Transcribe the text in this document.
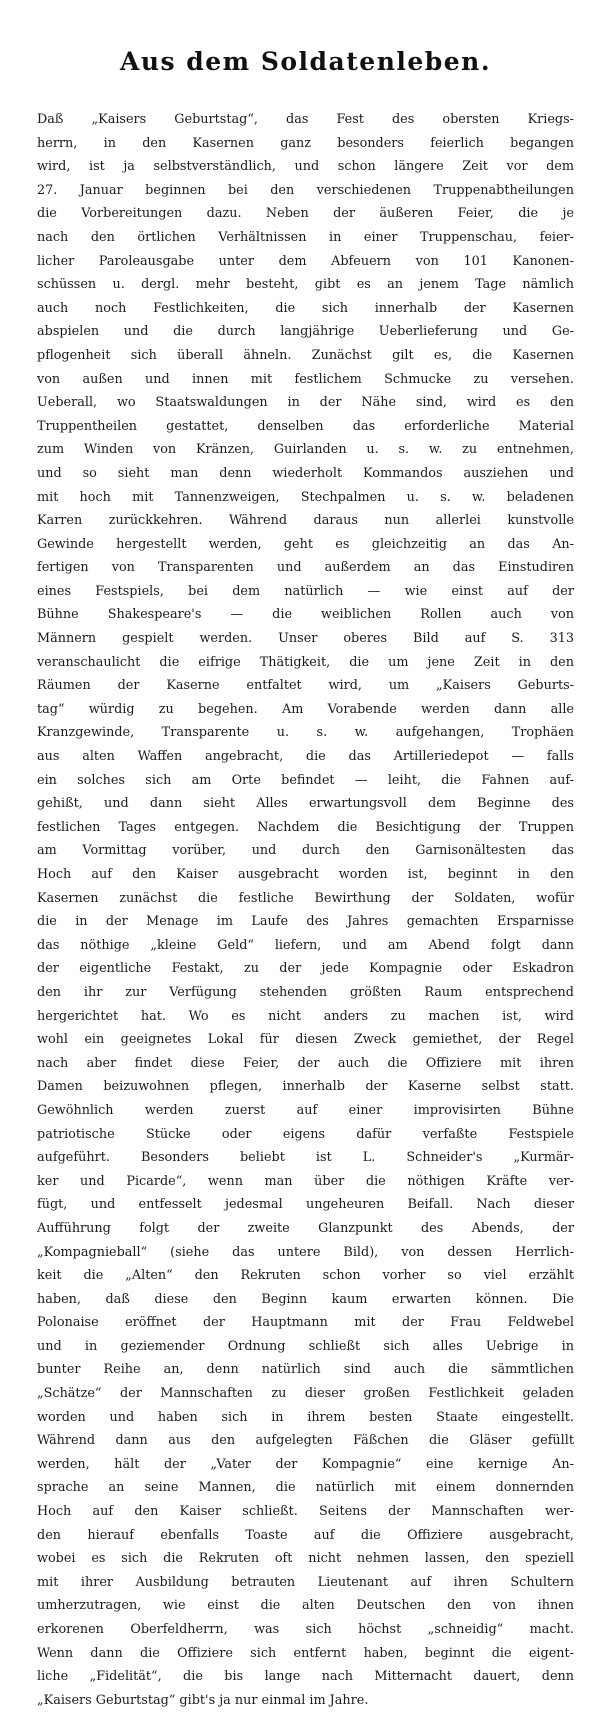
Aus dem Soldatenleben.
Daß „Kaisers Geburtstag“, das Fest des obersten Kriegs-
herrn, in den Kasernen ganz besonders feierlich begangen
wird, ist ja selbstverständlich, und schon längere Zeit vor dem
27. Januar beginnen bei den verschiedenen Truppenabtheilungen
die Vorbereitungen dazu. Neben der äußeren Feier, die je
nach den örtlichen Verhältnissen in einer Truppenschau, feier-
licher Paroleausgabe unter dem Abfeuern von 101 Kanonen-
schüssen u. dergl. mehr besteht, gibt es an jenem Tage nämlich
auch noch Festlichkeiten, die sich innerhalb der Kasernen
abspielen und die durch langjährige Ueberlieferung und Ge-
pflogenheit sich überall ähneln. Zunächst gilt es, die Kasernen
von außen und innen mit festlichem Schmucke zu versehen.
Ueberall, wo Staatswaldungen in der Nähe sind, wird es den
Truppentheilen gestattet, denselben das erforderliche Material
zum Winden von Kränzen, Guirlanden u. s. w. zu entnehmen,
und so sieht man denn wiederholt Kommandos ausziehen und
mit hoch mit Tannenzweigen, Stechpalmen u. s. w. beladenen
Karren zurückkehren. Während daraus nun allerlei kunstvolle
Gewinde hergestellt werden, geht es gleichzeitig an das An-
fertigen von Transparenten und außerdem an das Einstudiren
eines Festspiels, bei dem natürlich — wie einst auf der
Bühne Shakespeare's — die weiblichen Rollen auch von
Männern gespielt werden. Unser oberes Bild auf S. 313
veranschaulicht die eifrige Thätigkeit, die um jene Zeit in den
Räumen der Kaserne entfaltet wird, um „Kaisers Geburts-
tag“ würdig zu begehen. Am Vorabende werden dann alle
Kranzgewinde, Transparente u. s. w. aufgehangen, Trophäen
aus alten Waffen angebracht, die das Artilleriedepot — falls
ein solches sich am Orte befindet — leiht, die Fahnen auf-
gehißt, und dann sieht Alles erwartungsvoll dem Beginne des
festlichen Tages entgegen. Nachdem die Besichtigung der Truppen
am Vormittag vorüber, und durch den Garnisonältesten das
Hoch auf den Kaiser ausgebracht worden ist, beginnt in den
Kasernen zunächst die festliche Bewirthung der Soldaten, wofür
die in der Menage im Laufe des Jahres gemachten Ersparnisse
das nöthige „kleine Geld“ liefern, und am Abend folgt dann
der eigentliche Festakt, zu der jede Kompagnie oder Eskadron
den ihr zur Verfügung stehenden größten Raum entsprechend
hergerichtet hat. Wo es nicht anders zu machen ist, wird
wohl ein geeignetes Lokal für diesen Zweck gemiethet, der Regel
nach aber findet diese Feier, der auch die Offiziere mit ihren
Damen beizuwohnen pflegen, innerhalb der Kaserne selbst statt.
Gewöhnlich werden zuerst auf einer improvisirten Bühne
patriotische Stücke oder eigens dafür verfaßte Festspiele
aufgeführt. Besonders beliebt ist L. Schneider's „Kurmär-
ker und Picarde“, wenn man über die nöthigen Kräfte ver-
fügt, und entfesselt jedesmal ungeheuren Beifall. Nach dieser
Aufführung folgt der zweite Glanzpunkt des Abends, der
„Kompagnieball“ (siehe das untere Bild), von dessen Herrlich-
keit die „Alten“ den Rekruten schon vorher so viel erzählt
haben, daß diese den Beginn kaum erwarten können. Die
Polonaise eröffnet der Hauptmann mit der Frau Feldwebel
und in geziemender Ordnung schließt sich alles Uebrige in
bunter Reihe an, denn natürlich sind auch die sämmtlichen
„Schätze“ der Mannschaften zu dieser großen Festlichkeit geladen
worden und haben sich in ihrem besten Staate eingestellt.
Während dann aus den aufgelegten Fäßchen die Gläser gefüllt
werden, hält der „Vater der Kompagnie“ eine kernige An-
sprache an seine Mannen, die natürlich mit einem donnernden
Hoch auf den Kaiser schließt. Seitens der Mannschaften wer-
den hierauf ebenfalls Toaste auf die Offiziere ausgebracht,
wobei es sich die Rekruten oft nicht nehmen lassen, den speziell
mit ihrer Ausbildung betrauten Lieutenant auf ihren Schultern
umherzutragen, wie einst die alten Deutschen den von ihnen
erkorenen Oberfeldherrn, was sich höchst „schneidig“ macht.
Wenn dann die Offiziere sich entfernt haben, beginnt die eigent-
liche „Fidelität“, die bis lange nach Mitternacht dauert, denn
„Kaisers Geburtstag“ gibt's ja nur einmal im Jahre.
